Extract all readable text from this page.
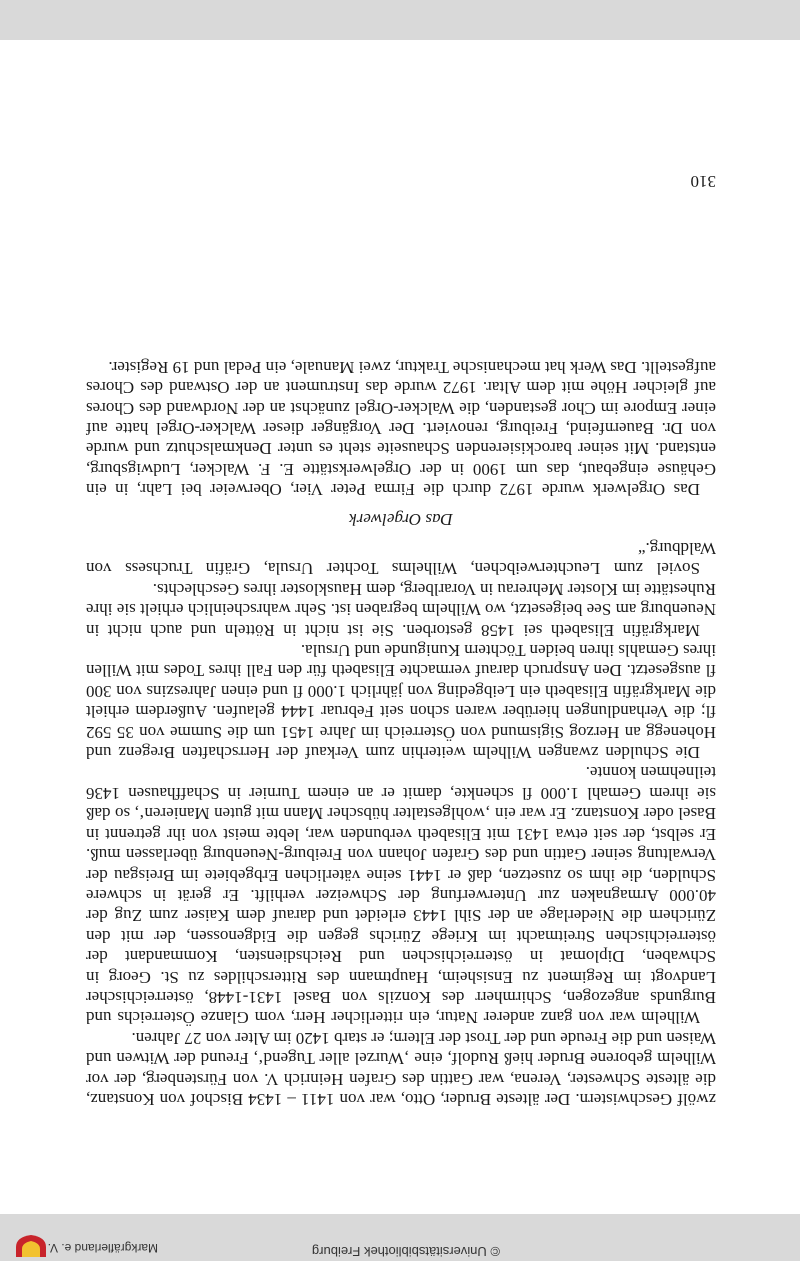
© Universitätsbibliothek Freiburg
Markgräflerland e. V.

zwölf Geschwistern. Der älteste Bruder, Otto, war von 1411 – 1434 Bischof von Konstanz, die älteste Schwester, Verena, war Gattin des Grafen Heinrich V. von Fürstenberg, der vor Wilhelm geborene Bruder hieß Rudolf, eine ‚Wurzel aller Tugend‘, Freund der Witwen und Waisen und die Freude und der Trost der Eltern; er starb 1420 im Alter von 27 Jahren.

Wilhelm war von ganz anderer Natur, ein ritterlicher Herr, vom Glanze Österreichs und Burgunds angezogen, Schirmherr des Konzils von Basel 1431-1448, österreichischer Landvogt im Regiment zu Ensisheim, Hauptmann des Ritterschildes zu St. Georg in Schwaben, Diplomat in österreichischen und Reichsdiensten, Kommandant der österreichischen Streitmacht im Kriege Zürichs gegen die Eidgenossen, der mit den Zürichern die Niederlage an der Sihl 1443 erleidet und darauf dem Kaiser zum Zug der 40.000 Armagnaken zur Unterwerfung der Schweizer verhilft. Er gerät in schwere Schulden, die ihm so zusetzen, daß er 1441 seine väterlichen Erbgebiete im Breisgau der Verwaltung seiner Gattin und des Grafen Johann von Freiburg-Neuenburg überlassen muß. Er selbst, der seit etwa 1431 mit Elisabeth verbunden war, lebte meist von ihr getrennt in Basel oder Konstanz. Er war ein ‚wohlgestalter hübscher Mann mit guten Manieren‘, so daß sie ihrem Gemahl 1.000 fl schenkte, damit er an einem Turnier in Schaffhausen 1436 teilnehmen konnte.

Die Schulden zwangen Wilhelm weiterhin zum Verkauf der Herrschaften Bregenz und Hohenegg an Herzog Sigismund von Österreich im Jahre 1451 um die Summe von 35 592 fl; die Verhandlungen hierüber waren schon seit Februar 1444 gelaufen. Außerdem erhielt die Markgräfin Elisabeth ein Leibgeding von jährlich 1.000 fl und einen Jahreszins von 300 fl ausgesetzt. Den Anspruch darauf vermachte Elisabeth für den Fall ihres Todes mit Willen ihres Gemahls ihren beiden Töchtern Kunigunde und Ursula.

Markgräfin Elisabeth sei 1458 gestorben. Sie ist nicht in Rötteln und auch nicht in Neuenburg am See beigesetzt, wo Wilhelm begraben ist. Sehr wahrscheinlich erhielt sie ihre Ruhestätte im Kloster Mehrerau in Vorarlberg, dem Hauskloster ihres Geschlechts.

Soviel zum Leuchterweibchen, Wilhelms Tochter Ursula, Gräfin Truchsess von Waldburg.“

Das Orgelwerk

Das Orgelwerk wurde 1972 durch die Firma Peter Vier, Oberweier bei Lahr, in ein Gehäuse eingebaut, das um 1900 in der Orgelwerkstätte E. F. Walcker, Ludwigsburg, entstand. Mit seiner barockisierenden Schauseite steht es unter Denkmalschutz und wurde von Dr. Bauernfeind, Freiburg, renoviert. Der Vorgänger dieser Walcker-Orgel hatte auf einer Empore im Chor gestanden, die Walcker-Orgel zunächst an der Nordwand des Chores auf gleicher Höhe mit dem Altar. 1972 wurde das Instrument an der Ostwand des Chores aufgestellt. Das Werk hat mechanische Traktur, zwei Manuale, ein Pedal und 19 Register.

310
